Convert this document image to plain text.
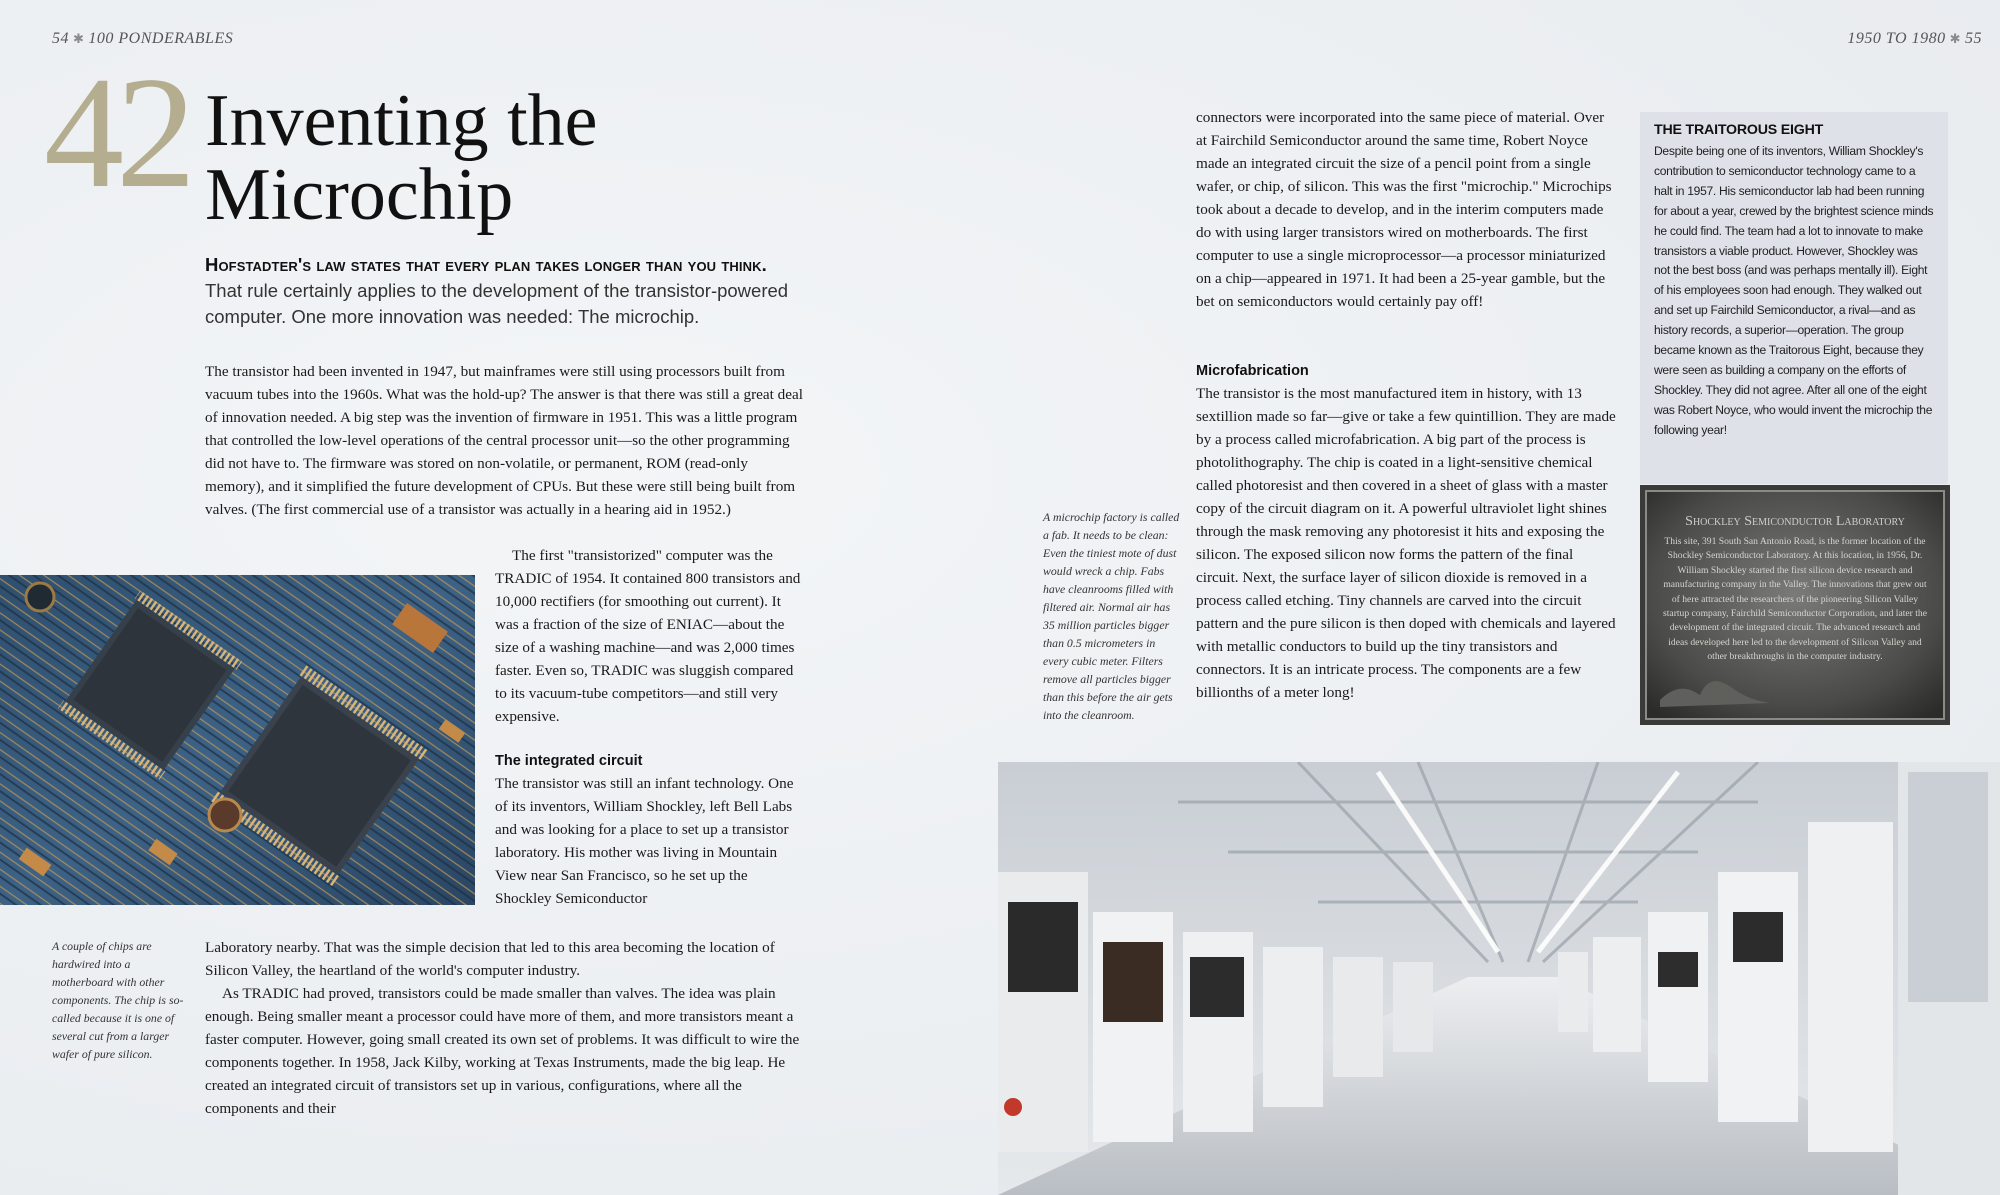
54 ✱ 100 PONDERABLES	1950 TO 1980 ✱ 55
42 Inventing the
Microchip
Hofstadter's law states that every plan takes longer than you think.
That rule certainly applies to the development of the transistor-powered computer. One more innovation was needed: The microchip.

The transistor had been invented in 1947, but mainframes were still using processors built from vacuum tubes into the 1960s. What was the hold-up? The answer is that there was still a great deal of innovation needed. A big step was the invention of firmware in 1951. This was a little program that controlled the low-level operations of the central processor unit—so the other programming did not have to. The firmware was stored on non-volatile, or permanent, ROM (read-only memory), and it simplified the future development of CPUs. But these were still being built from valves. (The first commercial use of a transistor was actually in a hearing aid in 1952.)

The first "transistorized" computer was the TRADIC of 1954. It contained 800 transistors and 10,000 rectifiers (for smoothing out current). It was a fraction of the size of ENIAC—about the size of a washing machine—and was 2,000 times faster. Even so, TRADIC was sluggish compared to its vacuum-tube competitors—and still very expensive.

The integrated circuit

The transistor was still an infant technology. One of its inventors, William Shockley, left Bell Labs and was looking for a place to set up a transistor laboratory. His mother was living in Mountain View near San Francisco, so he set up the Shockley Semiconductor

Laboratory nearby. That was the simple decision that led to this area becoming the location of Silicon Valley, the heartland of the world's computer industry.

As TRADIC had proved, transistors could be made smaller than valves. The idea was plain enough. Being smaller meant a processor could have more of them, and more transistors meant a faster computer. However, going small created its own set of problems. It was difficult to wire the components together. In 1958, Jack Kilby, working at Texas Instruments, made the big leap. He created an integrated circuit of transistors set up in various, configurations, where all the components and their

A couple of chips are hardwired into a motherboard with other components. The chip is so-called because it is one of several cut from a larger wafer of pure silicon.
A microchip factory is called a fab. It needs to be clean: Even the tiniest mote of dust would wreck a chip. Fabs have cleanrooms filled with filtered air. Normal air has 35 million particles bigger than 0.5 micrometers in every cubic meter. Filters remove all particles bigger than this before the air gets into the cleanroom.

connectors were incorporated into the same piece of material. Over at Fairchild Semiconductor around the same time, Robert Noyce made an integrated circuit the size of a pencil point from a single wafer, or chip, of silicon. This was the first "microchip." Microchips took about a decade to develop, and in the interim computers made do with using larger transistors wired on motherboards. The first computer to use a single microprocessor—a processor miniaturized on a chip—appeared in 1971. It had been a 25-year gamble, but the bet on semiconductors would certainly pay off!

Microfabrication

The transistor is the most manufactured item in history, with 13 sextillion made so far—give or take a few quintillion. They are made by a process called microfabrication. A big part of the process is photolithography. The chip is coated in a light-sensitive chemical called photoresist and then covered in a sheet of glass with a master copy of the circuit diagram on it. A powerful ultraviolet light shines through the mask removing any photoresist it hits and exposing the silicon. The exposed silicon now forms the pattern of the final circuit. Next, the surface layer of silicon dioxide is removed in a process called etching. Tiny channels are carved into the circuit pattern and the pure silicon is then doped with chemicals and layered with metallic conductors to build up the tiny transistors and connectors. It is an intricate process. The components are a few billionths of a meter long!

THE TRAITOROUS EIGHT

Despite being one of its inventors, William Shockley's contribution to semiconductor technology came to a halt in 1957. His semiconductor lab had been running for about a year, crewed by the brightest science minds he could find. The team had a lot to innovate to make transistors a viable product. However, Shockley was not the best boss (and was perhaps mentally ill). Eight of his employees soon had enough. They walked out and set up Fairchild Semiconductor, a rival—and as history records, a superior—operation. The group became known as the Traitorous Eight, because they were seen as building a company on the efforts of Shockley. They did not agree. After all one of the eight was Robert Noyce, who would invent the microchip the following year!

Shockley Semiconductor Laboratory
This site, 391 South San Antonio Road, is the former location of the Shockley Semiconductor Laboratory. At this location, in 1956, Dr. William Shockley started the first silicon device research and manufacturing company in the Valley. The innovations that grew out of here attracted the researchers of the pioneering Silicon Valley startup company, Fairchild Semiconductor Corporation, and later the development of the integrated circuit. The advanced research and ideas developed here led to the development of Silicon Valley and other breakthroughs in the computer industry.
